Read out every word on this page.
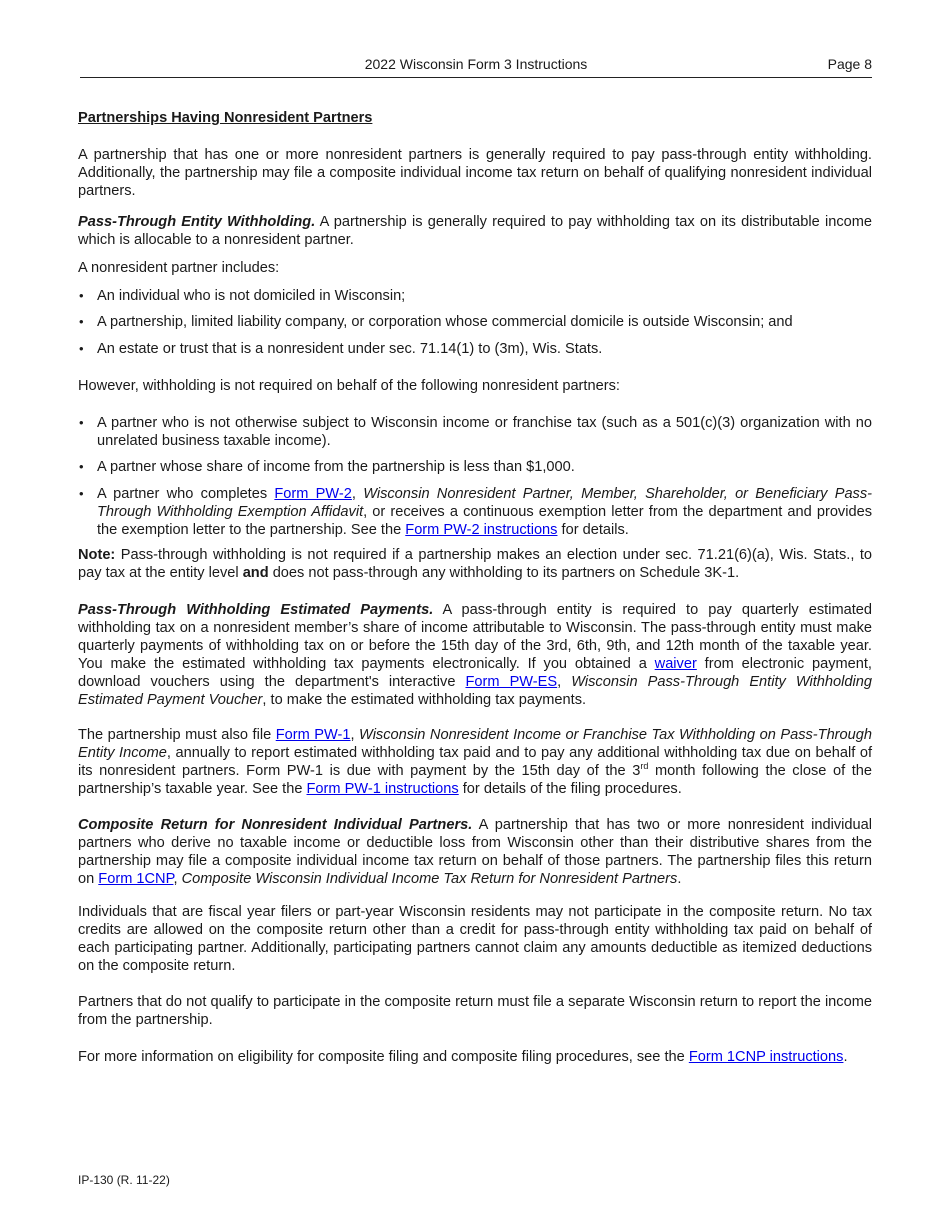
2022 Wisconsin Form 3 Instructions	Page 8
Partnerships Having Nonresident Partners

A partnership that has one or more nonresident partners is generally required to pay pass-through entity withholding. Additionally, the partnership may file a composite individual income tax return on behalf of qualifying nonresident individual partners.

Pass-Through Entity Withholding. A partnership is generally required to pay withholding tax on its distributable income which is allocable to a nonresident partner.

A nonresident partner includes:

• An individual who is not domiciled in Wisconsin;
• A partnership, limited liability company, or corporation whose commercial domicile is outside Wisconsin; and
• An estate or trust that is a nonresident under sec. 71.14(1) to (3m), Wis. Stats.

However, withholding is not required on behalf of the following nonresident partners:

• A partner who is not otherwise subject to Wisconsin income or franchise tax (such as a 501(c)(3) organization with no unrelated business taxable income).
• A partner whose share of income from the partnership is less than $1,000.
• A partner who completes Form PW-2, Wisconsin Nonresident Partner, Member, Shareholder, or Beneficiary Pass-Through Withholding Exemption Affidavit, or receives a continuous exemption letter from the department and provides the exemption letter to the partnership. See the Form PW-2 instructions for details.

Note: Pass-through withholding is not required if a partnership makes an election under sec. 71.21(6)(a), Wis. Stats., to pay tax at the entity level and does not pass-through any withholding to its partners on Schedule 3K-1.

Pass-Through Withholding Estimated Payments. A pass-through entity is required to pay quarterly estimated withholding tax on a nonresident member’s share of income attributable to Wisconsin. The pass-through entity must make quarterly payments of withholding tax on or before the 15th day of the 3rd, 6th, 9th, and 12th month of the taxable year. You make the estimated withholding tax payments electronically. If you obtained a waiver from electronic payment, download vouchers using the department's interactive Form PW-ES, Wisconsin Pass-Through Entity Withholding Estimated Payment Voucher, to make the estimated withholding tax payments.

The partnership must also file Form PW-1, Wisconsin Nonresident Income or Franchise Tax Withholding on Pass-Through Entity Income, annually to report estimated withholding tax paid and to pay any additional withholding tax due on behalf of its nonresident partners. Form PW-1 is due with payment by the 15th day of the 3rd month following the close of the partnership’s taxable year. See the Form PW-1 instructions for details of the filing procedures.

Composite Return for Nonresident Individual Partners. A partnership that has two or more nonresident individual partners who derive no taxable income or deductible loss from Wisconsin other than their distributive shares from the partnership may file a composite individual income tax return on behalf of those partners. The partnership files this return on Form 1CNP, Composite Wisconsin Individual Income Tax Return for Nonresident Partners.

Individuals that are fiscal year filers or part-year Wisconsin residents may not participate in the composite return. No tax credits are allowed on the composite return other than a credit for pass-through entity withholding tax paid on behalf of each participating partner. Additionally, participating partners cannot claim any amounts deductible as itemized deductions on the composite return.

Partners that do not qualify to participate in the composite return must file a separate Wisconsin return to report the income from the partnership.

For more information on eligibility for composite filing and composite filing procedures, see the Form 1CNP instructions.

IP-130 (R. 11-22)
